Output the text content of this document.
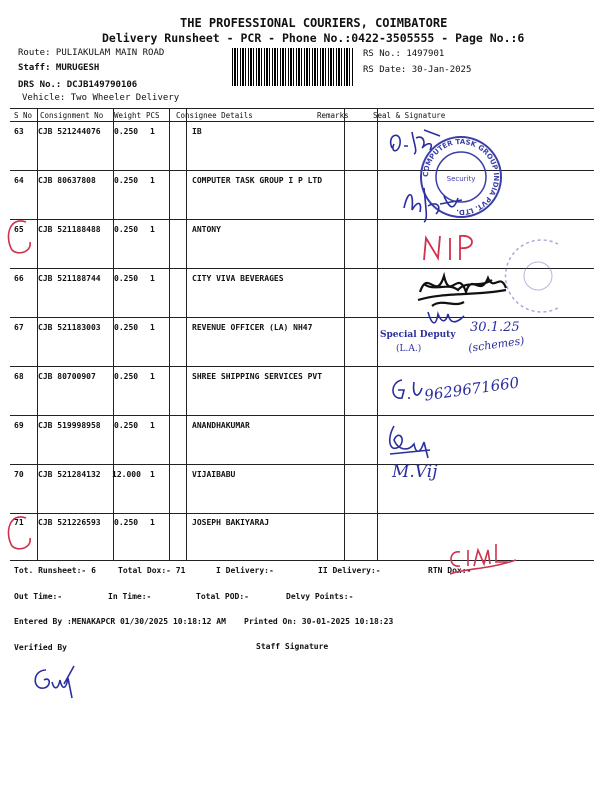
THE PROFESSIONAL COURIERS, COIMBATORE
Delivery Runsheet - PCR - Phone No.:0422-3505555 - Page No.:6
Route: PULIAKULAM MAIN ROAD
Staff: MURUGESH
DRS No.: DCJB149790106
Vehicle: Two Wheeler Delivery
RS No.: 1497901
RS Date: 30-Jan-2025
S No Consignment No Weight PCS Consignee Details	Remarks	Seal & Signature
63 CJB 521244076 0.250 1	IB
64 CJB 80637808 0.250 1	COMPUTER TASK GROUP I P LTD
65 CJB 521188488 0.250 1	ANTONY
66 CJB 521188744 0.250 1	CITY VIVA BEVERAGES
67 CJB 521183003 0.250 1	REVENUE OFFICER (LA) NH47
68 CJB 80700907 0.250 1	SHREE SHIPPING SERVICES PVT
69 CJB 519998958 0.250 1	ANANDHAKUMAR
70 CJB 521284132 12.000 1	VIJAIBABU
71 CJB 521226593 0.250 1	JOSEPH BAKIYARAJ
Tot. Runsheet:- 6	Total Dox:- 71	I Delivery:-	II Delivery:-	RTN Dox:-
Out Time:-	In Time:-	Total POD:-	Delvy Points:-
Entered By :MENAKAPCR 01/30/2025 10:18:12 AM Printed On: 30-01-2025 10:18:23
Verified By	Staff Signature
COMPUTER TASK GROUP INDIA PVT. LTD.
Security
Special Deputy
(L.A.)
30.1.25
(schemes)
9629671660
M.Vij
